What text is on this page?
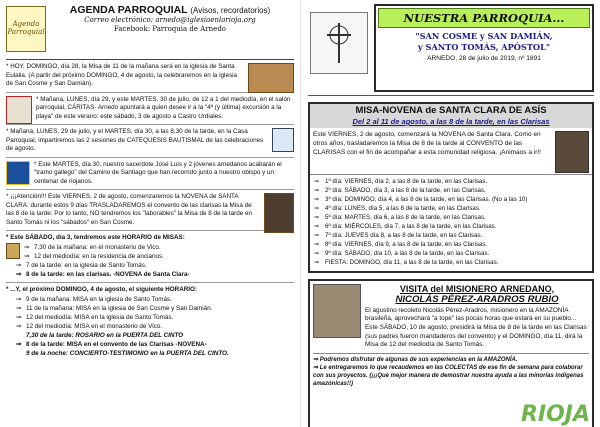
Agenda
Parroquial
AGENDA PARROQUIAL (Avisos, recordatorios)
Correo electrónico: arnedo@iglesiaenlarioja.org
Facebook: Parroquia de Arnedo
* HOY, DOMINGO, día 28, la Misa de 11 de la mañana será en la iglesia de Santa Eulalia. (A partir del próximo DOMINGO, 4 de agosto, la celebraremos en la iglesia de San Cosme y San Damián).
* Mañana, LUNES, día 29, y este MARTES, 30 de julio, de 12 a 1 del mediodía, en el salón parroquial, CÁRITAS- Arnedo apuntará a quien desee ir a la "4ª (y última) excursión a la playa" de este verano: este sábado, 3 de agosto a Castro Urdiales.
* Mañana, LUNES, 29 de julio, y el MARTES, día 30, a las 8,30 de la tarde, en la Casa Parroquial, impartiremos las 2 sesiones de CATEQUESIS BAUTISMAL de las celebraciones de agosto.
* Este MARTES, día 30, nuestro sacerdote José Luis y 2 jóvenes arnedanos acabarán el "tramo gallego" del Camino de Santiago que han recorrido junto a nuestro obispo y un centenar de riojanos.
* ¡¡¡Atención!!! Este VIERNES, 2 de agosto, comenzaremos la NOVENA de SANTA CLARA: durante estos 9 días TRASLADAREMOS el convento de las clarisas la Misa de las 8 de la tarde: Por lo tanto, NO tendremos los "laborables" la Misa de 8 de la tarde en Santo Tomás ni los "sábados" en San Cosme.
* Este SÁBADO, día 3, tendremos este HORARIO de MISAS:
⇒ 7,30 de la mañana: en el monasterio de Vico.
⇒ 12 del mediodía: en la residencia de ancianos.
⇒ 7 de la tarde: en la iglesia de Santo Tomás.
⇒ 8 de la tarde: en las clarisas. -NOVENA de Santa Clara-
* ...Y, el próximo DOMINGO, 4 de agosto, el siguiente HORARIO:
⇒ 9 de la mañana: MISA en la iglesia de Santo Tomás.
⇒ 11 de la mañana: MISA en la iglesia de San Cosme y San Damián.
⇒ 12 del mediodía: MISA en la iglesia de Santo Tomás.
⇒ 12 del mediodía: MISA en el monasterio de Vico.
7,30 de la tarde: ROSARIO en la PUERTA DEL CINTO
⇒ 8 de la tarde: MISA en el convento de las Clarisas -NOVENA-
9 de la noche: CONCIERTO-TESTIMONIO en la PUERTA DEL CINTO.
NUESTRA PARROQUIA...
"SAN COSME y SAN DAMIÁN,
y SANTO TOMÁS, APÓSTOL"
ARNEDO, 28 de julio de 2019, nº 1891
MISA-NOVENA de SANTA CLARA DE ASÍS
Del 2 al 11 de agosto, a las 8 de la tarde, en las Clarisas
Este VIERNES, 2 de agosto, comenzará la NOVENA de Santa Clara. Como en otros años, trasladaremos la Misa de 8 de la tarde al CONVENTO de las CLARISAS con el fin de acompañar a esta comunidad religiosa. ¡Animaos a ir!!
⇒ 1º día: VIERNES, día 2, a las 8 de la tarde, en las Clarisas.
⇒ 2º día: SÁBADO, día 3, a las 8 de la tarde, en las Clarisas.
⇒ 3º día: DOMINGO, día 4, a las 8 de la tarde, en las Clarisas. (No a las 10)
⇒ 4º día: LUNES, día 5, a las 8 de la tarde, en las Clarisas.
⇒ 5º día: MARTES, día 6, a las 8 de la tarde, en las Clarisas.
⇒ 6º día: MIÉRCOLES, día 7, a las 8 de la tarde, en las Clarisas.
⇒ 7º día: JUEVES día 8, a las 8 de la tarde, en las Clarisas.
⇒ 8º día: VIERNES, día 9, a las 8 de la tarde, en las Clarisas.
⇒ 9º día: SÁBADO, día 10, a las 8 de la tarde, en las Clarisas.
⇒ FIESTA: DOMINGO, día 11, a las 8 de la tarde, en las Clarisas.
VISITA del MISIONERO ARNEDANO,
NICOLÁS PÉREZ-ARADROS RUBIO
El agustino recoleto Nicolás Pérez-Aradros, misionero en la AMAZONÍA brasileña, aprovechará "a tope" las pocas horas que estará en su pueblo... Este SÁBADO, 10 de agosto, presidirá la Misa de 8 de la tarde en las Clarisas (sus padres fueron mandaderos del convento) y el DOMINGO, día 11, dirá la Misa de 12 del mediodía de Santo Tomás.
⇒ Podremos disfrutar de algunas de sus experiencias en la AMAZONÍA.
⇒ Le entregaremos lo que recaudemos en las COLECTAS de ese fin de semana para colaborar con sus proyectos. (¡¡¡Qué mejor manera de demostrar nuestra ayuda a las minorías indígenas amazónicas!!)
RIOJA
